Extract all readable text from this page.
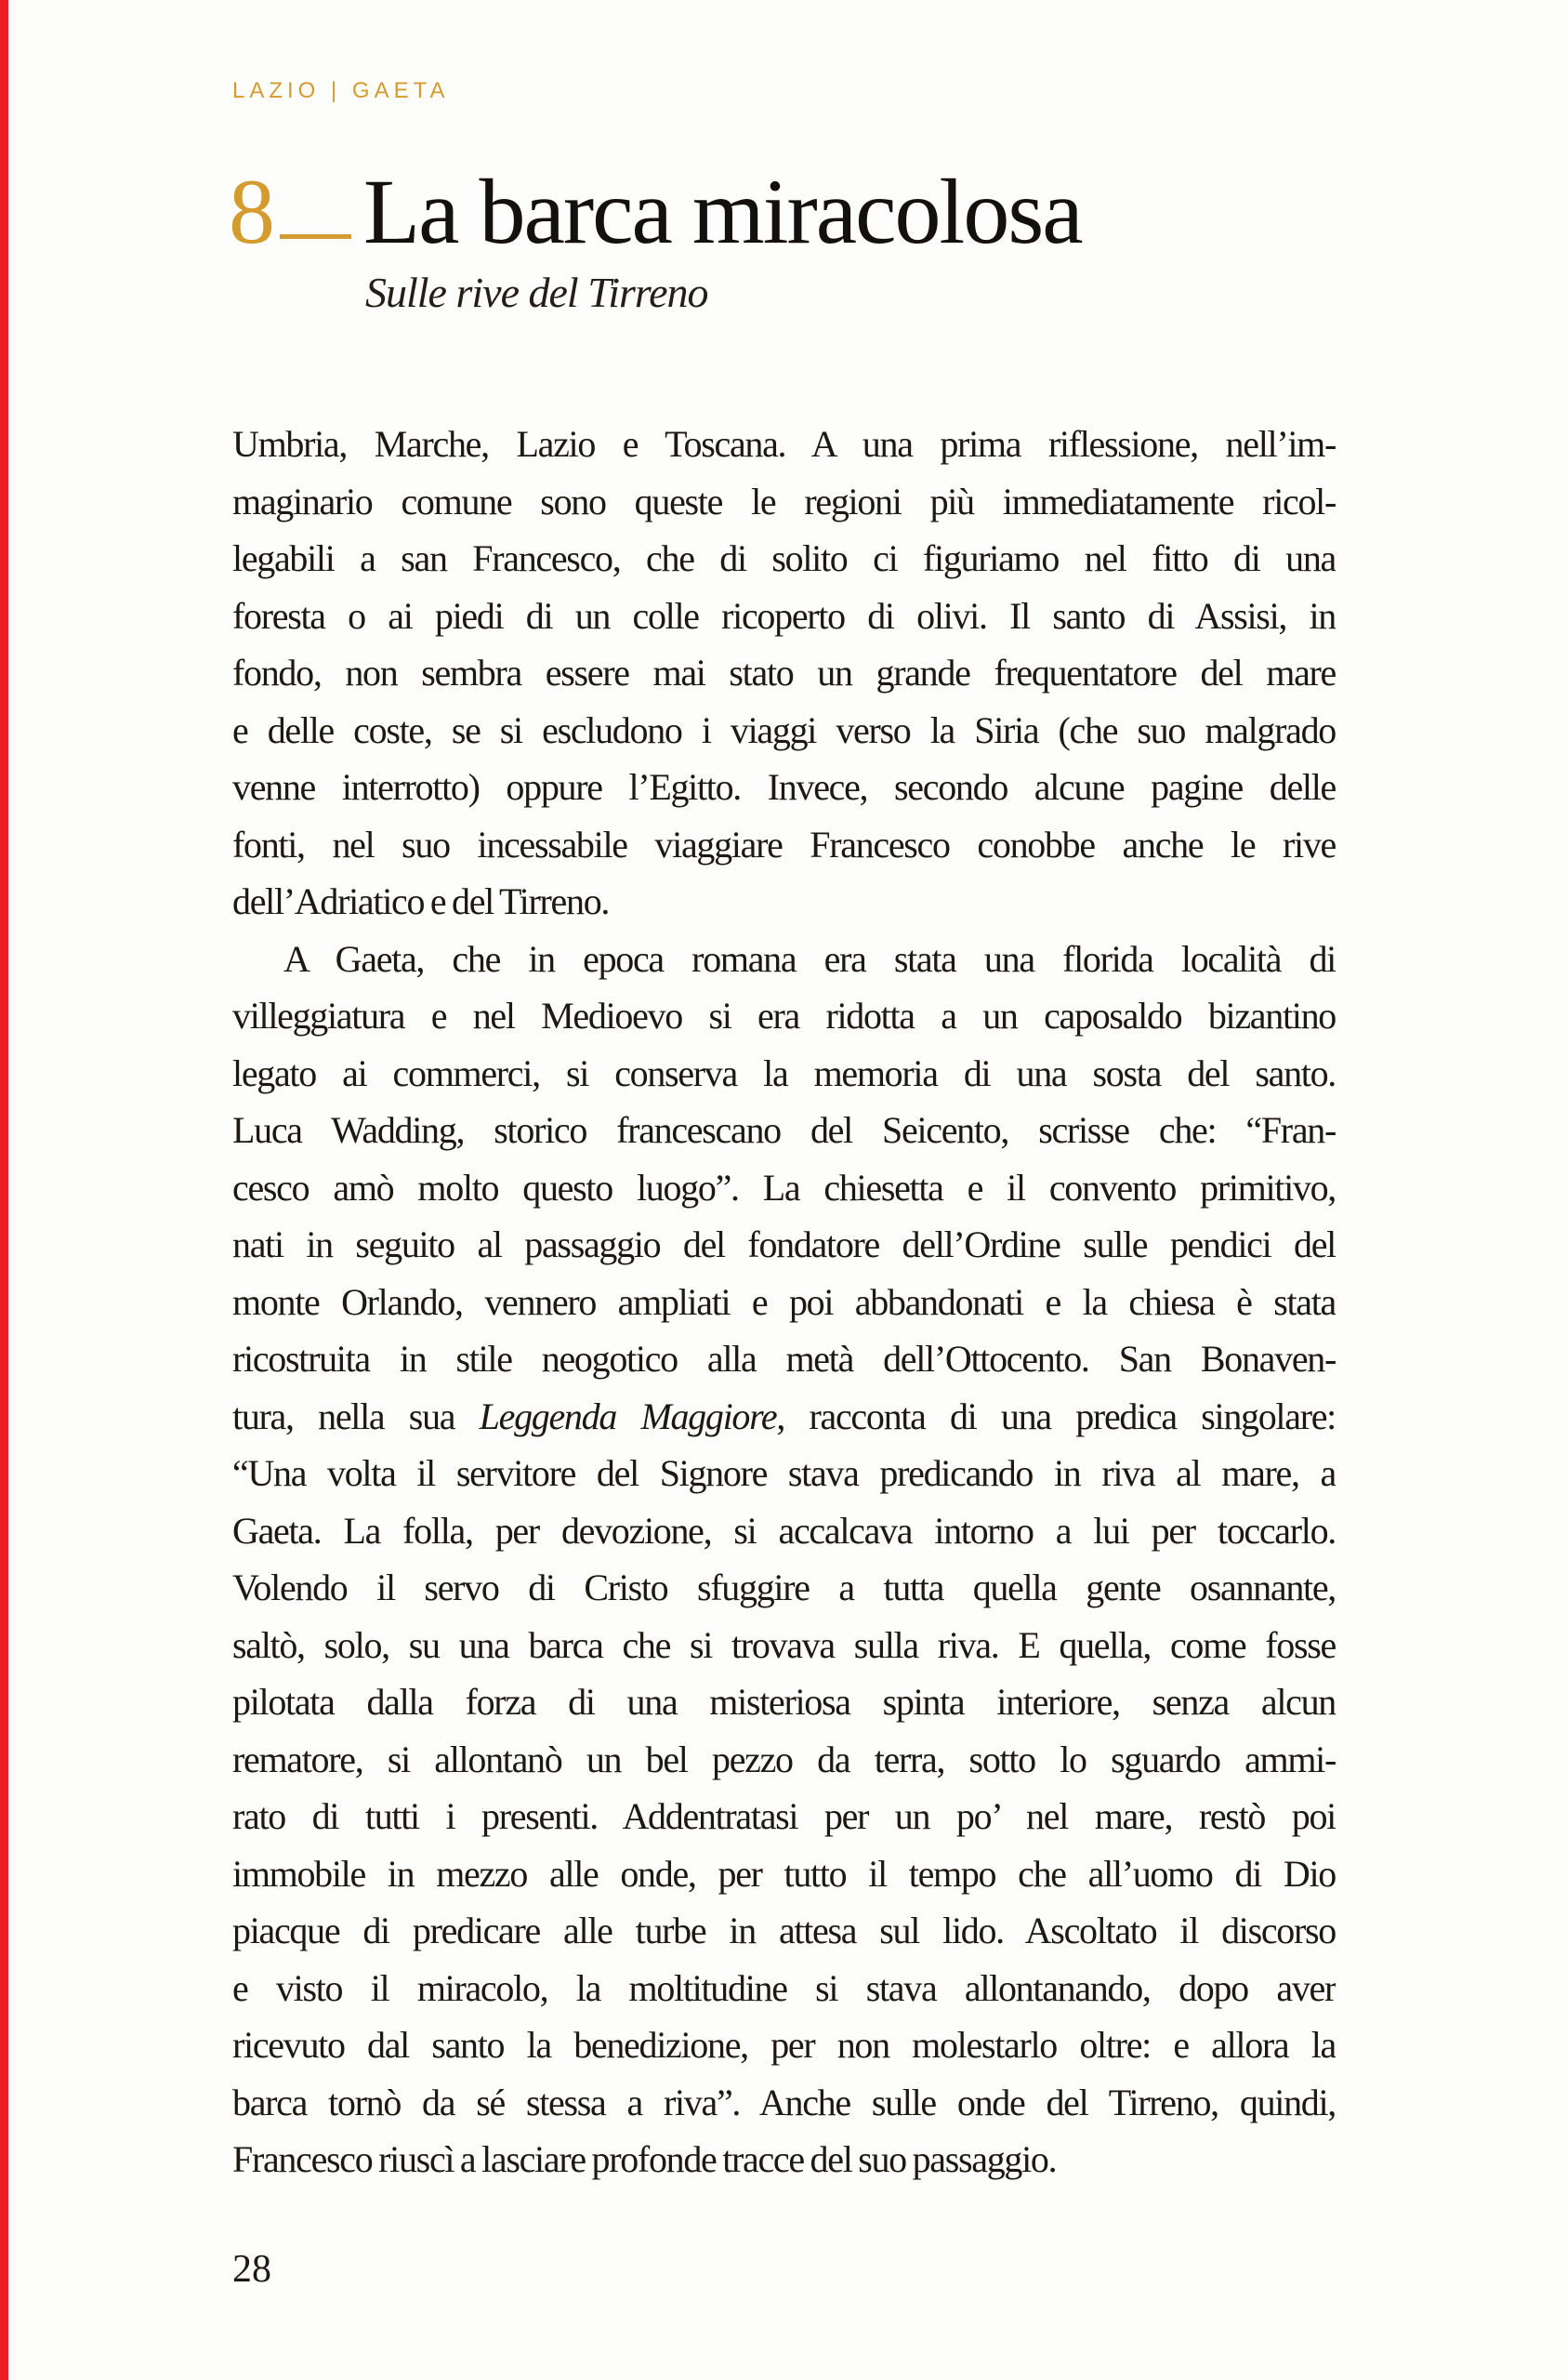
LAZIO | GAETA
8 La barca miracolosa
Sulle rive del Tirreno
Umbria, Marche, Lazio e Toscana. A una prima riflessione, nell’im-
maginario comune sono queste le regioni più immediatamente ricol-
legabili a san Francesco, che di solito ci figuriamo nel fitto di una
foresta o ai piedi di un colle ricoperto di olivi. Il santo di Assisi, in
fondo, non sembra essere mai stato un grande frequentatore del mare
e delle coste, se si escludono i viaggi verso la Siria (che suo malgrado
venne interrotto) oppure l’Egitto. Invece, secondo alcune pagine delle
fonti, nel suo incessabile viaggiare Francesco conobbe anche le rive
dell’Adriatico e del Tirreno.
A Gaeta, che in epoca romana era stata una florida località di
villeggiatura e nel Medioevo si era ridotta a un caposaldo bizantino
legato ai commerci, si conserva la memoria di una sosta del santo.
Luca Wadding, storico francescano del Seicento, scrisse che: “Fran-
cesco amò molto questo luogo”. La chiesetta e il convento primitivo,
nati in seguito al passaggio del fondatore dell’Ordine sulle pendici del
monte Orlando, vennero ampliati e poi abbandonati e la chiesa è stata
ricostruita in stile neogotico alla metà dell’Ottocento. San Bonaven-
tura, nella sua Leggenda Maggiore, racconta di una predica singolare:
“Una volta il servitore del Signore stava predicando in riva al mare, a
Gaeta. La folla, per devozione, si accalcava intorno a lui per toccarlo.
Volendo il servo di Cristo sfuggire a tutta quella gente osannante,
saltò, solo, su una barca che si trovava sulla riva. E quella, come fosse
pilotata dalla forza di una misteriosa spinta interiore, senza alcun
rematore, si allontanò un bel pezzo da terra, sotto lo sguardo ammi-
rato di tutti i presenti. Addentratasi per un po’ nel mare, restò poi
immobile in mezzo alle onde, per tutto il tempo che all’uomo di Dio
piacque di predicare alle turbe in attesa sul lido. Ascoltato il discorso
e visto il miracolo, la moltitudine si stava allontanando, dopo aver
ricevuto dal santo la benedizione, per non molestarlo oltre: e allora la
barca tornò da sé stessa a riva”. Anche sulle onde del Tirreno, quindi,
Francesco riuscì a lasciare profonde tracce del suo passaggio.
28
